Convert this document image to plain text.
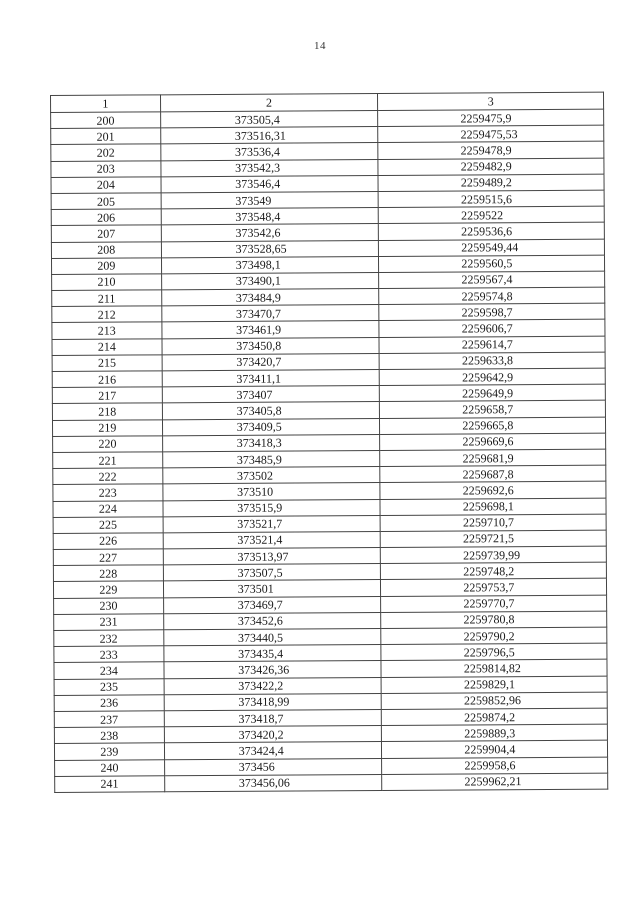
14
1	2	3
200	373505,4	2259475,9
201	373516,31	2259475,53
202	373536,4	2259478,9
203	373542,3	2259482,9
204	373546,4	2259489,2
205	373549	2259515,6
206	373548,4	2259522
207	373542,6	2259536,6
208	373528,65	2259549,44
209	373498,1	2259560,5
210	373490,1	2259567,4
211	373484,9	2259574,8
212	373470,7	2259598,7
213	373461,9	2259606,7
214	373450,8	2259614,7
215	373420,7	2259633,8
216	373411,1	2259642,9
217	373407	2259649,9
218	373405,8	2259658,7
219	373409,5	2259665,8
220	373418,3	2259669,6
221	373485,9	2259681,9
222	373502	2259687,8
223	373510	2259692,6
224	373515,9	2259698,1
225	373521,7	2259710,7
226	373521,4	2259721,5
227	373513,97	2259739,99
228	373507,5	2259748,2
229	373501	2259753,7
230	373469,7	2259770,7
231	373452,6	2259780,8
232	373440,5	2259790,2
233	373435,4	2259796,5
234	373426,36	2259814,82
235	373422,2	2259829,1
236	373418,99	2259852,96
237	373418,7	2259874,2
238	373420,2	2259889,3
239	373424,4	2259904,4
240	373456	2259958,6
241	373456,06	2259962,21
